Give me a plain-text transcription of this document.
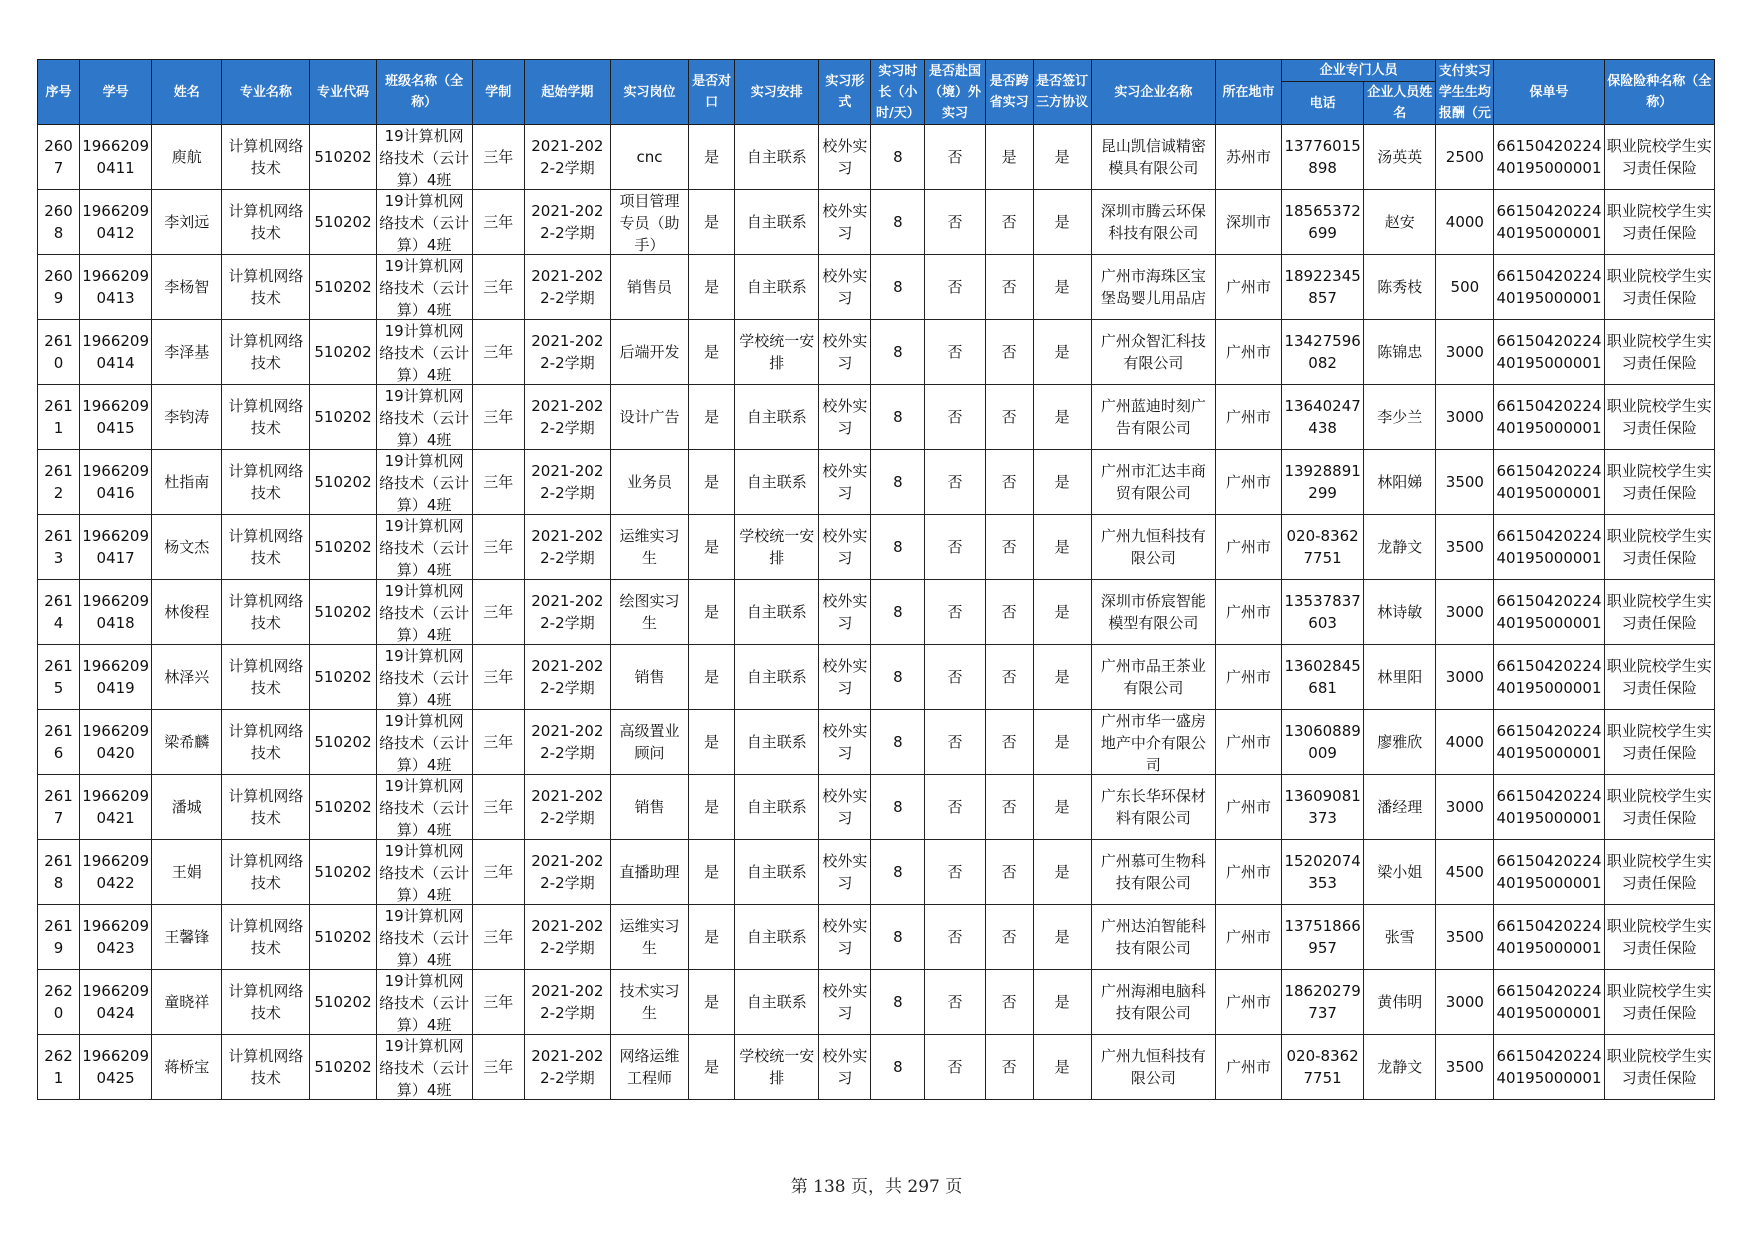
序号	学号	姓名	专业名称	专业代码	班级名称（全称）	学制	起始学期	实习岗位	是否对口	实习安排	实习形式	实习时长（小时/天）	是否赴国（境）外实习	是否跨省实习	是否签订三方协议	实习企业名称	所在地市	企业专门人员		支付实习学生生均报酬（元	保单号	保险险种名称（全称）
																		电话	企业人员姓名			

2607	19662090411	庾航	计算机网络技术	510202	19计算机网络技术（云计算）4班	三年	2021-2022-2学期	cnc	是	自主联系	校外实习	8	否	是	是	昆山凯信诚精密模具有限公司	苏州市	13776015898	汤英英	2500	6615042022440195000001	职业院校学生实习责任保险

2608	19662090412	李刘远	计算机网络技术	510202	19计算机网络技术（云计算）4班	三年	2021-2022-2学期	项目管理专员（助手）	是	自主联系	校外实习	8	否	否	是	深圳市腾云环保科技有限公司	深圳市	18565372699	赵安	4000	6615042022440195000001	职业院校学生实习责任保险

2609	19662090413	李杨智	计算机网络技术	510202	19计算机网络技术（云计算）4班	三年	2021-2022-2学期	销售员	是	自主联系	校外实习	8	否	否	是	广州市海珠区宝堡岛婴儿用品店	广州市	18922345857	陈秀枝	500	6615042022440195000001	职业院校学生实习责任保险

2610	19662090414	李泽基	计算机网络技术	510202	19计算机网络技术（云计算）4班	三年	2021-2022-2学期	后端开发	是	学校统一安排	校外实习	8	否	否	是	广州众智汇科技有限公司	广州市	13427596082	陈锦忠	3000	6615042022440195000001	职业院校学生实习责任保险

2611	19662090415	李钧涛	计算机网络技术	510202	19计算机网络技术（云计算）4班	三年	2021-2022-2学期	设计广告	是	自主联系	校外实习	8	否	否	是	广州蓝迪时刻广告有限公司	广州市	13640247438	李少兰	3000	6615042022440195000001	职业院校学生实习责任保险

2612	19662090416	杜指南	计算机网络技术	510202	19计算机网络技术（云计算）4班	三年	2021-2022-2学期	业务员	是	自主联系	校外实习	8	否	否	是	广州市汇达丰商贸有限公司	广州市	13928891299	林阳娣	3500	6615042022440195000001	职业院校学生实习责任保险

2613	19662090417	杨文杰	计算机网络技术	510202	19计算机网络技术（云计算）4班	三年	2021-2022-2学期	运维实习生	是	学校统一安排	校外实习	8	否	否	是	广州九恒科技有限公司	广州市	020-83627751	龙静文	3500	6615042022440195000001	职业院校学生实习责任保险

2614	19662090418	林俊程	计算机网络技术	510202	19计算机网络技术（云计算）4班	三年	2021-2022-2学期	绘图实习生	是	自主联系	校外实习	8	否	否	是	深圳市侨宸智能模型有限公司	广州市	13537837603	林诗敏	3000	6615042022440195000001	职业院校学生实习责任保险

2615	19662090419	林泽兴	计算机网络技术	510202	19计算机网络技术（云计算）4班	三年	2021-2022-2学期	销售	是	自主联系	校外实习	8	否	否	是	广州市品王茶业有限公司	广州市	13602845681	林里阳	3000	6615042022440195000001	职业院校学生实习责任保险

2616	19662090420	梁希麟	计算机网络技术	510202	19计算机网络技术（云计算）4班	三年	2021-2022-2学期	高级置业顾问	是	自主联系	校外实习	8	否	否	是	广州市华一盛房地产中介有限公司	广州市	13060889009	廖雅欣	4000	6615042022440195000001	职业院校学生实习责任保险

2617	19662090421	潘城	计算机网络技术	510202	19计算机网络技术（云计算）4班	三年	2021-2022-2学期	销售	是	自主联系	校外实习	8	否	否	是	广东长华环保材料有限公司	广州市	13609081373	潘经理	3000	6615042022440195000001	职业院校学生实习责任保险

2618	19662090422	王娟	计算机网络技术	510202	19计算机网络技术（云计算）4班	三年	2021-2022-2学期	直播助理	是	自主联系	校外实习	8	否	否	是	广州慕可生物科技有限公司	广州市	15202074353	梁小姐	4500	6615042022440195000001	职业院校学生实习责任保险

2619	19662090423	王馨锋	计算机网络技术	510202	19计算机网络技术（云计算）4班	三年	2021-2022-2学期	运维实习生	是	自主联系	校外实习	8	否	否	是	广州达泊智能科技有限公司	广州市	13751866957	张雪	3500	6615042022440195000001	职业院校学生实习责任保险

2620	19662090424	童晓祥	计算机网络技术	510202	19计算机网络技术（云计算）4班	三年	2021-2022-2学期	技术实习生	是	自主联系	校外实习	8	否	否	是	广州海湘电脑科技有限公司	广州市	18620279737	黄伟明	3000	6615042022440195000001	职业院校学生实习责任保险

2621	19662090425	蒋桥宝	计算机网络技术	510202	19计算机网络技术（云计算）4班	三年	2021-2022-2学期	网络运维工程师	是	学校统一安排	校外实习	8	否	否	是	广州九恒科技有限公司	广州市	020-83627751	龙静文	3500	6615042022440195000001	职业院校学生实习责任保险
第 138 页，共 297 页
